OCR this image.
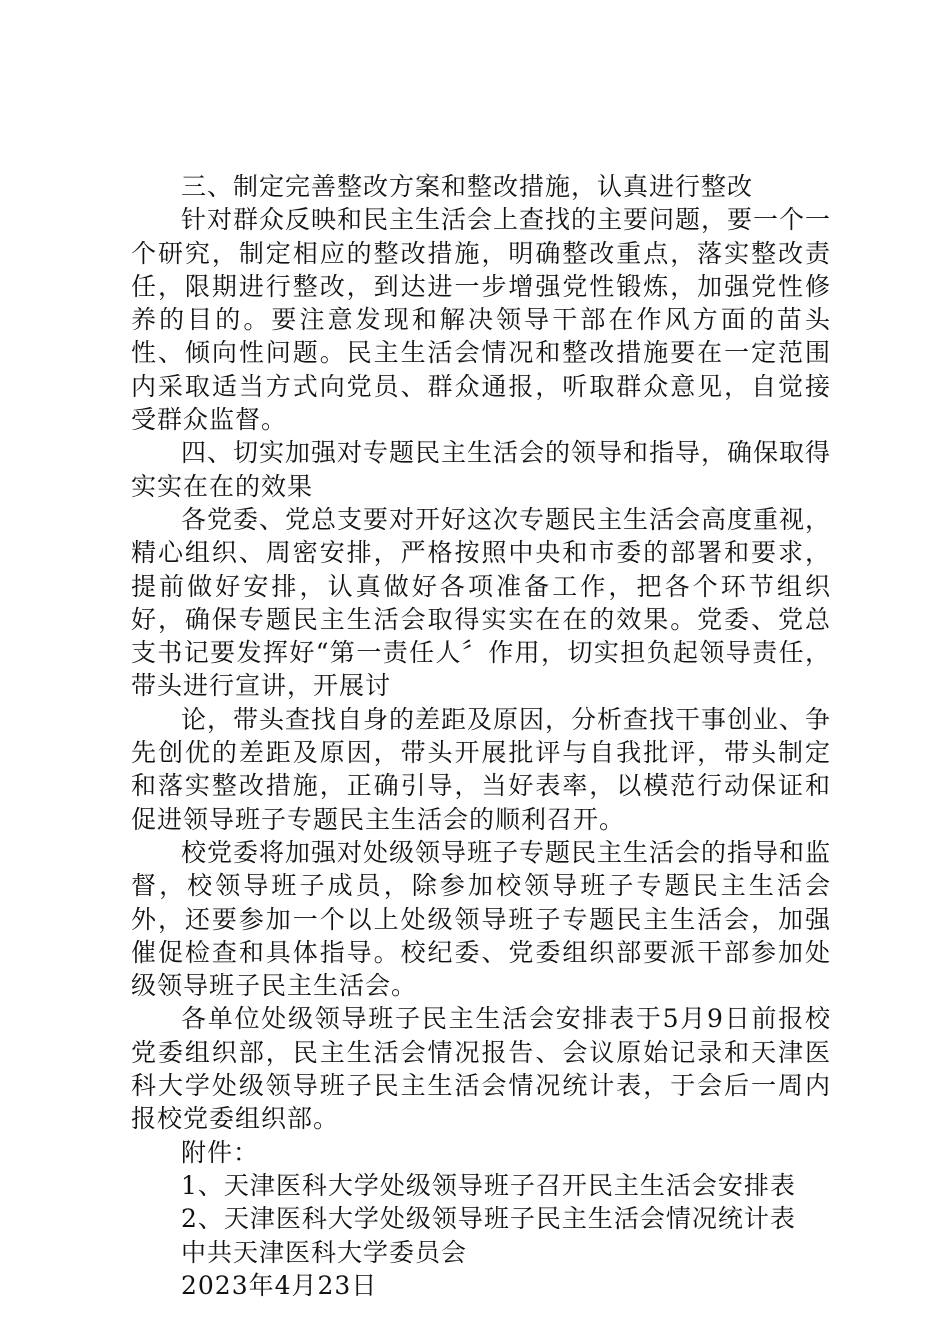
三、制定完善整改方案和整改措施，认真进行整改

针对群众反映和民主生活会上查找的主要问题，要一个一个研究，制定相应的整改措施，明确整改重点，落实整改责任，限期进行整改，到达进一步增强党性锻炼，加强党性修养的目的。要注意发现和解决领导干部在作风方面的苗头性、倾向性问题。民主生活会情况和整改措施要在一定范围内采取适当方式向党员、群众通报，听取群众意见，自觉接受群众监督。

四、切实加强对专题民主生活会的领导和指导，确保取得实实在在的效果

各党委、党总支要对开好这次专题民主生活会高度重视，精心组织、周密安排，严格按照中央和市委的部署和要求，提前做好安排，认真做好各项准备工作，把各个环节组织好，确保专题民主生活会取得实实在在的效果。党委、党总支书记要发挥好“第一责任人〞作用，切实担负起领导责任，带头进行宣讲，开展讨

论，带头查找自身的差距及原因，分析查找干事创业、争先创优的差距及原因，带头开展批评与自我批评，带头制定和落实整改措施，正确引导，当好表率，以模范行动保证和促进领导班子专题民主生活会的顺利召开。

校党委将加强对处级领导班子专题民主生活会的指导和监督，校领导班子成员，除参加校领导班子专题民主生活会外，还要参加一个以上处级领导班子专题民主生活会，加强催促检查和具体指导。校纪委、党委组织部要派干部参加处级领导班子民主生活会。

各单位处级领导班子民主生活会安排表于5月9日前报校党委组织部，民主生活会情况报告、会议原始记录和天津医科大学处级领导班子民主生活会情况统计表，于会后一周内报校党委组织部。

附件：

1、天津医科大学处级领导班子召开民主生活会安排表

2、天津医科大学处级领导班子民主生活会情况统计表

中共天津医科大学委员会

2023年4月23日
